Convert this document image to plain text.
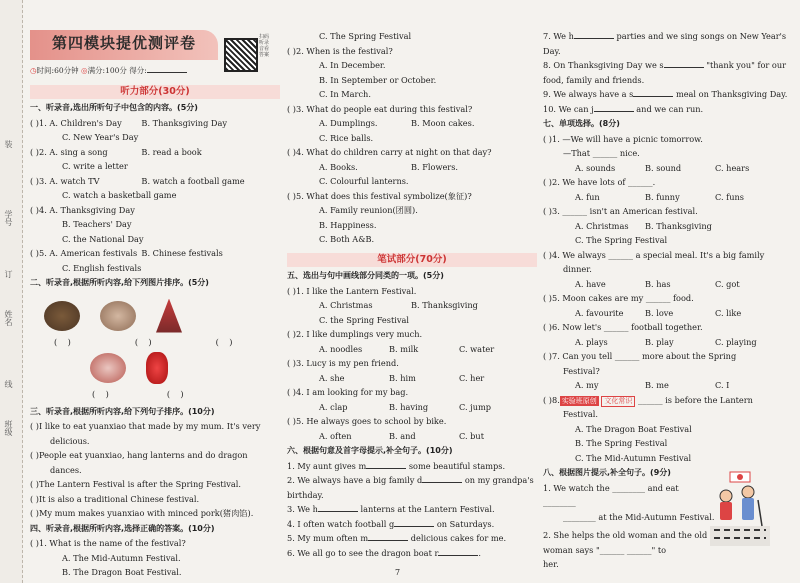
学号
姓名
班级
装
订
线
第四模块提优测评卷	扫码听录音看答案
◷时间:60分钟 ◎满分:100分 得分:
听力部分(30分)
一、听录音,选出所听句子中包含的内容。(5分)
( )1. A. Children's Day B. Thanksgiving Day
C. New Year's Day
( )2. A. sing a song	B. read a book
C. write a letter
( )3. A. watch TV	B. watch a football game
C. watch a basketball game
( )4. A. Thanksgiving Day
B. Teachers' Day
C. the National Day
( )5. A. American festivals B. Chinese festivals
C. English festivals
二、听录音,根据所听内容,给下列图片排序。(5分)
(    )	(    )	(    )
(    )	(    )
三、听录音,根据所听内容,给下列句子排序。(10分)
( )I like to eat yuanxiao that made by my mum. It's very
delicious.
( )People eat yuanxiao, hang lanterns and do dragon
dances.
( )The Lantern Festival is after the Spring Festival.
( )It is also a traditional Chinese festival.
( )My mum makes yuanxiao with minced pork(猪肉馅).
四、听录音,根据所听内容,选择正确的答案。(10分)
( )1. What is the name of the festival?
A. The Mid-Autumn Festival.
B. The Dragon Boat Festival.
C. The Spring Festival
( )2. When is the festival?
A. In December.
B. In September or October.
C. In March.
( )3. What do people eat during this festival?
A. Dumplings.	B. Moon cakes.
C. Rice balls.
( )4. What do children carry at night on that day?
A. Books.	B. Flowers.
C. Colourful lanterns.
( )5. What does this festival symbolize(象征)?
A. Family reunion(团圆).
B. Happiness.
C. Both A&B.
笔试部分(70分)
五、选出与句中画线部分同类的一项。(5分)
( )1. I like the Lantern Festival.
A. Christmas	B. Thanksgiving
C. the Spring Festival
( )2. I like dumplings very much.
A. noodles	B. milk	C. water
( )3. Lucy is my pen friend.
A. she	B. him	C. her
( )4. I am looking for my bag.
A. clap	B. having	C. jump
( )5. He always goes to school by bike.
A. often	B. and	C. but
六、根据句意及首字母提示,补全句子。(10分)
1. My aunt gives m	some beautiful stamps.
2. We always have a big family d	on my grandpa's
birthday.
3. We h	lanterns at the Lantern Festival.
4. I often watch football g	on Saturdays.
5. My mum often m	delicious cakes for me.
6. We all go to see the dragon boat r	.
7. We h	parties and we sing songs on New Year's
Day.
8. On Thanksgiving Day we s	"thank you" for our
food, family and friends.
9. We always have a s	meal on Thanksgiving Day.
10. We can j	and we can run.
七、单项选择。(8分)
( )1. —We will have a picnic tomorrow.
—That ______ nice.
A. sounds	B. sound	C. hears
( )2. We have lots of ______.
A. fun	B. funny	C. funs
( )3. ______ isn't an American festival.
A. Christmas B. Thanksgiving
C. The Spring Festival
( )4. We always ______ a special meal. It's a big family
dinner.
A. have	B. has	C. got
( )5. Moon cakes are my ______ food.
A. favourite	B. love	C. like
( )6. Now let's ______ football together.
A. plays	B. play	C. playing
( )7. Can you tell ______ more about the Spring
Festival?
A. my	B. me	C. I
( )8. 实验班原创 文化常识 ______ is before the Lantern
Festival.
A. The Dragon Boat Festival
B. The Spring Festival
C. The Mid-Autumn Festival
八、根据图片提示,补全句子。(9分)
1. We watch the ________ and eat ________
________ at the Mid-Autumn Festival.
2. She helps the old woman and the old
woman says "______ ______" to
her.
7
